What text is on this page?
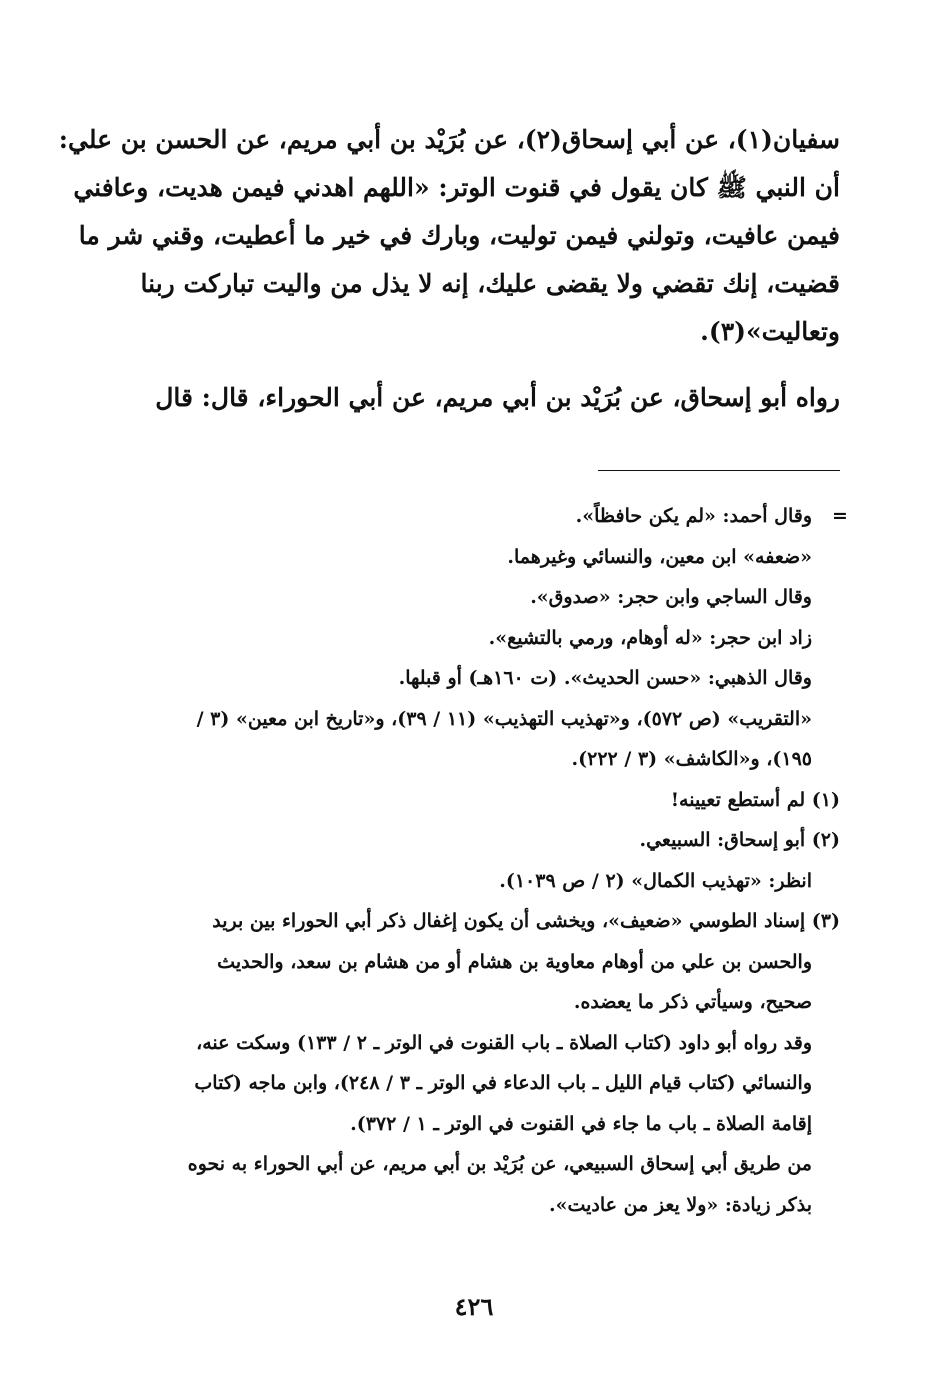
سفيان(١)، عن أبي إسحاق(٢)، عن بُرَيْد بن أبي مريم، عن الحسن بن علي:
أن النبي ﷺ كان يقول في قنوت الوتر: «اللهم اهدني فيمن هديت، وعافني
فيمن عافيت، وتولني فيمن توليت، وبارك في خير ما أعطيت، وقني شر ما
قضيت، إنك تقضي ولا يقضى عليك، إنه لا يذل من واليت تباركت ربنا
وتعاليت»(٣).
رواه أبو إسحاق، عن بُرَيْد بن أبي مريم، عن أبي الحوراء، قال: قال
=
وقال أحمد: «لم يكن حافظاً».
«ضعفه» ابن معين، والنسائي وغيرهما.
وقال الساجي وابن حجر: «صدوق».
زاد ابن حجر: «له أوهام، ورمي بالتشيع».
وقال الذهبي: «حسن الحديث». (ت ١٦٠هـ) أو قبلها.
«التقريب» (ص ٥٧٢)، و«تهذيب التهذيب» (١١ / ٣٩)، و«تاريخ ابن معين» (٣ /
١٩٥)، و«الكاشف» (٣ / ٢٢٢).
(١) لم أستطع تعيينه!
(٢) أبو إسحاق: السبيعي.
انظر: «تهذيب الكمال» (٢ / ص ١٠٣٩).
(٣) إسناد الطوسي «ضعيف»، ويخشى أن يكون إغفال ذكر أبي الحوراء بين بريد
والحسن بن علي من أوهام معاوية بن هشام أو من هشام بن سعد، والحديث
صحيح، وسيأتي ذكر ما يعضده.
وقد رواه أبو داود (كتاب الصلاة ـ باب القنوت في الوتر ـ ٢ / ١٣٣) وسكت عنه،
والنسائي (كتاب قيام الليل ـ باب الدعاء في الوتر ـ ٣ / ٢٤٨)، وابن ماجه (كتاب
إقامة الصلاة ـ باب ما جاء في القنوت في الوتر ـ ١ / ٣٧٢).
من طريق أبي إسحاق السبيعي، عن بُرَيْد بن أبي مريم، عن أبي الحوراء به نحوه
بذكر زيادة: «ولا يعز من عاديت».
٤٢٦
